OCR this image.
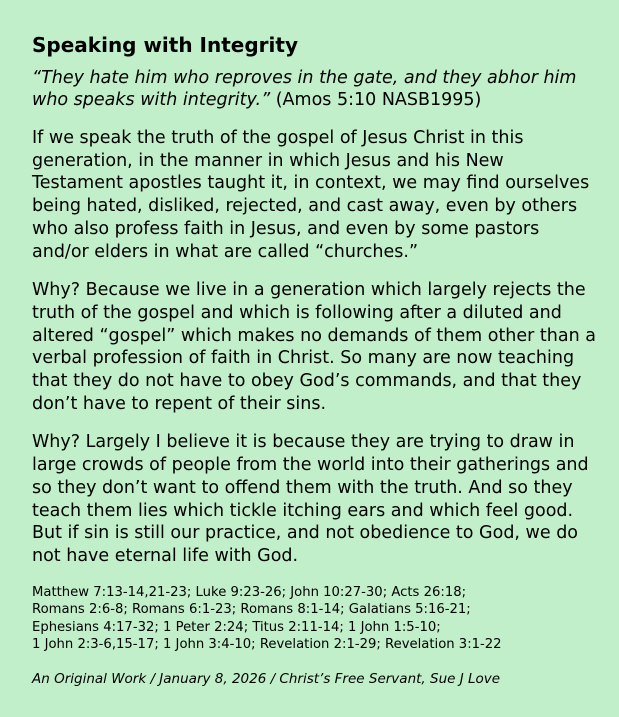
Speaking with Integrity

“They hate him who reproves in the gate, and they abhor him who speaks with integrity.” (Amos 5:10 NASB1995)

If we speak the truth of the gospel of Jesus Christ in this generation, in the manner in which Jesus and his New Testament apostles taught it, in context, we may find ourselves being hated, disliked, rejected, and cast away, even by others who also profess faith in Jesus, and even by some pastors and/or elders in what are called “churches.”

Why? Because we live in a generation which largely rejects the truth of the gospel and which is following after a diluted and altered “gospel” which makes no demands of them other than a verbal profession of faith in Christ. So many are now teaching that they do not have to obey God’s commands, and that they don’t have to repent of their sins.

Why? Largely I believe it is because they are trying to draw in large crowds of people from the world into their gatherings and so they don’t want to offend them with the truth. And so they teach them lies which tickle itching ears and which feel good. But if sin is still our practice, and not obedience to God, we do not have eternal life with God.

Matthew 7:13-14,21-23; Luke 9:23-26; John 10:27-30; Acts 26:18;
Romans 2:6-8; Romans 6:1-23; Romans 8:1-14; Galatians 5:16-21;
Ephesians 4:17-32; 1 Peter 2:24; Titus 2:11-14; 1 John 1:5-10;
1 John 2:3-6,15-17; 1 John 3:4-10; Revelation 2:1-29; Revelation 3:1-22

An Original Work / January 8, 2026 / Christ’s Free Servant, Sue J Love
